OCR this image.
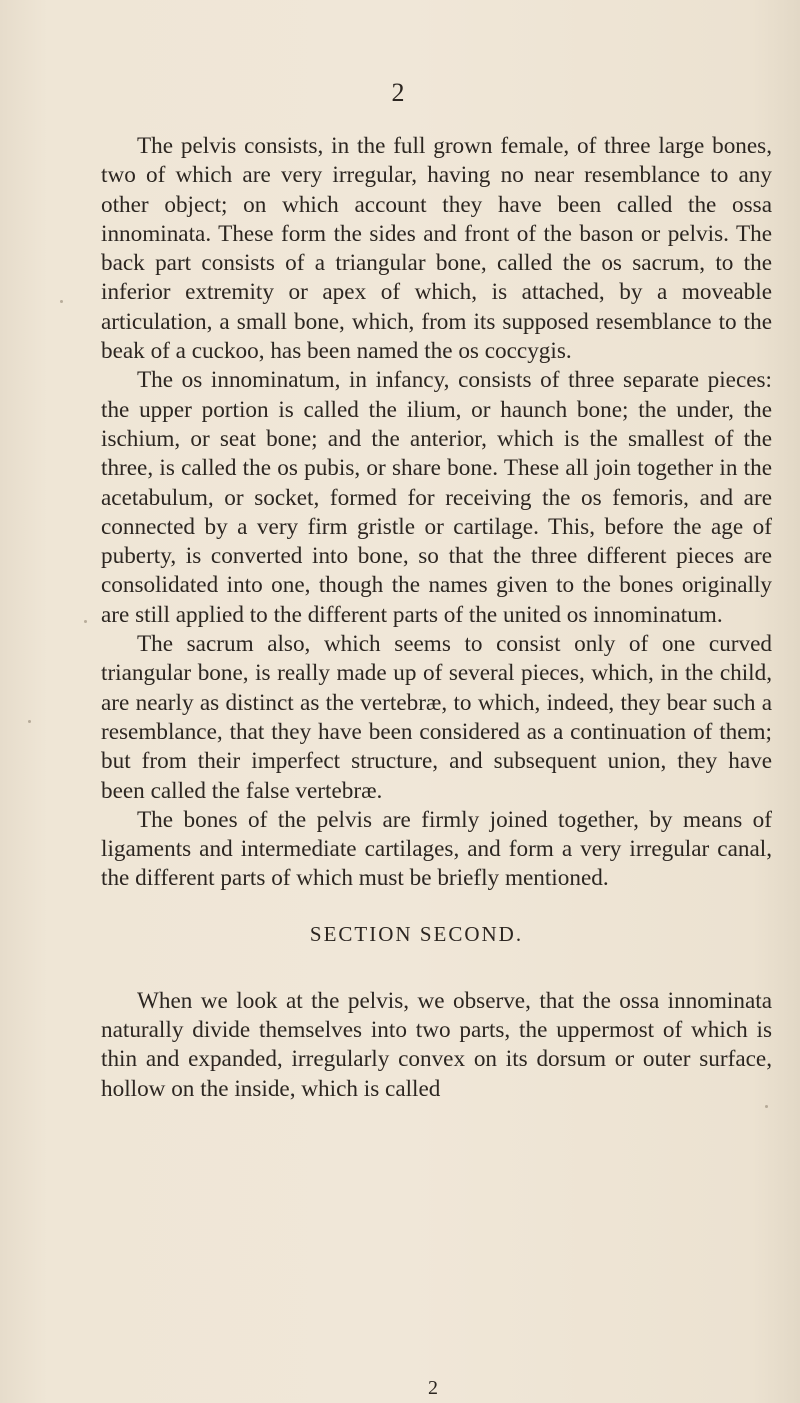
2

The pelvis consists, in the full grown female, of three large bones, two of which are very irregular, having no near resemblance to any other object; on which account they have been called the ossa innominata. These form the sides and front of the bason or pelvis. The back part consists of a triangular bone, called the os sacrum, to the inferior extremity or apex of which, is attached, by a moveable articulation, a small bone, which, from its supposed resemblance to the beak of a cuckoo, has been named the os coccygis.

The os innominatum, in infancy, consists of three separate pieces: the upper portion is called the ilium, or haunch bone; the under, the ischium, or seat bone; and the anterior, which is the smallest of the three, is called the os pubis, or share bone. These all join together in the acetabulum, or socket, formed for receiving the os femoris, and are connected by a very firm gristle or cartilage. This, before the age of puberty, is converted into bone, so that the three different pieces are consolidated into one, though the names given to the bones originally are still applied to the different parts of the united os innominatum.

The sacrum also, which seems to consist only of one curved triangular bone, is really made up of several pieces, which, in the child, are nearly as distinct as the vertebræ, to which, indeed, they bear such a resemblance, that they have been considered as a continuation of them; but from their imperfect structure, and subsequent union, they have been called the false vertebræ.

The bones of the pelvis are firmly joined together, by means of ligaments and intermediate cartilages, and form a very irregular canal, the different parts of which must be briefly mentioned.

SECTION SECOND.

When we look at the pelvis, we observe, that the ossa innominata naturally divide themselves into two parts, the uppermost of which is thin and expanded, irregularly convex on its dorsum or outer surface, hollow on the inside, which is called

2
